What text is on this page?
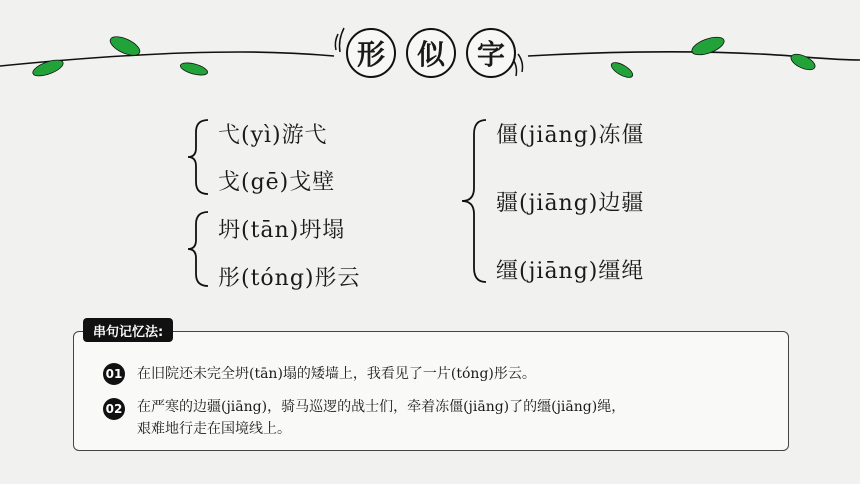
形	似	字
弋(yì)游弋
戈(gē)戈壁
坍(tān)坍塌
彤(tóng)彤云
僵(jiāng)冻僵
疆(jiāng)边疆
缰(jiāng)缰绳
串句记忆法:
01 在旧院还未完全坍(tān)塌的矮墙上，我看见了一片(tóng)彤云。
02 在严寒的边疆(jiāng)，骑马巡逻的战士们，牵着冻僵(jiāng)了的缰(jiāng)绳，
艰难地行走在国境线上。
